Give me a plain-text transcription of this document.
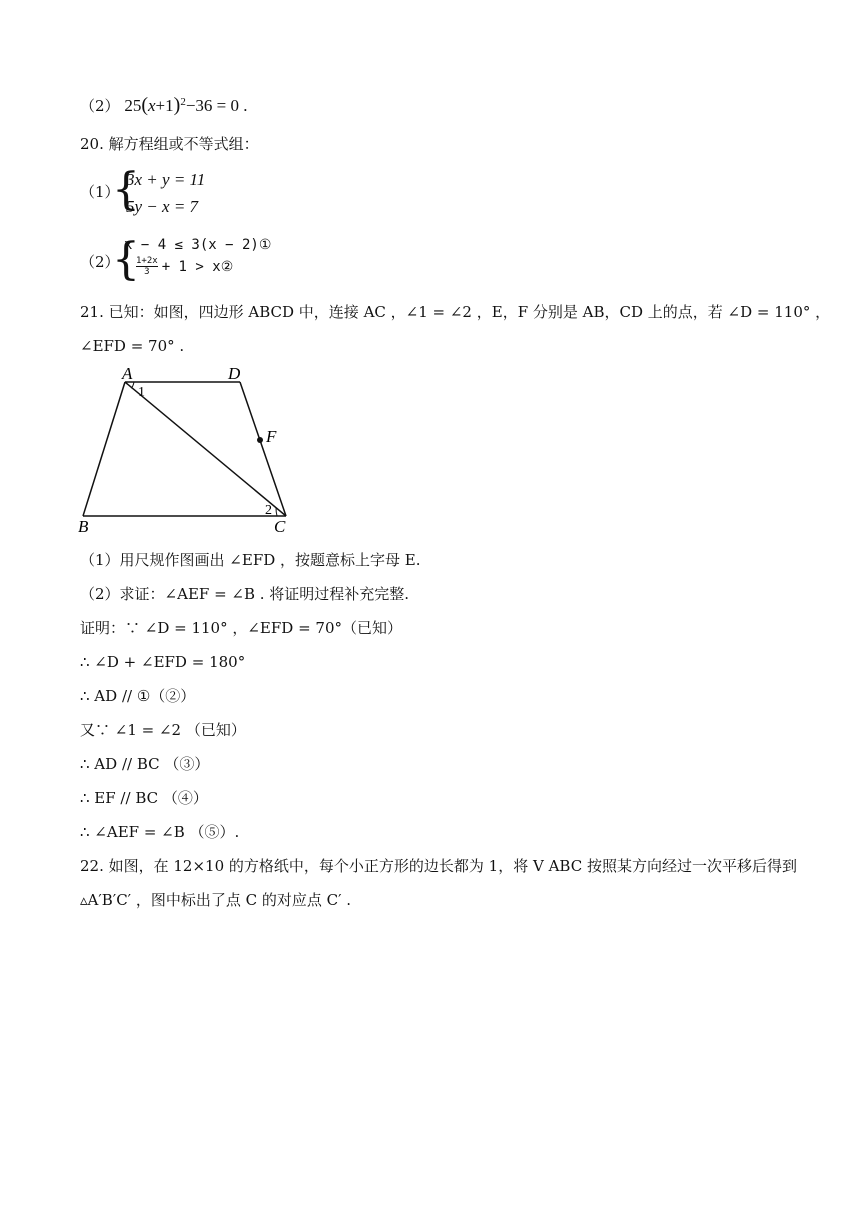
（2） $25(x+1)^2-36 = 0$ .
20. 解方程组或不等式组：
（1）
{
3x + y = 11
5y − x = 7
（2）
{
x − 4 ≤ 3(x − 2)①
$\frac{1+2x}{3} + 1$ > x②
21. 已知：如图，四边形 ABCD 中，连接 AC ，∠1 = ∠2 ，E，F 分别是 AB，CD 上的点，若 ∠D = 110° ，
∠EFD = 70° .
A	D
F
B	C
1
2
（1）用尺规作图画出 ∠EFD ，按题意标上字母 E.
（2）求证：∠AEF = ∠B . 将证明过程补充完整.
证明：∵ ∠D = 110° ，∠EFD = 70°（已知）
∴ ∠D + ∠EFD = 180°
∴ AD // ①（②）
又∵ ∠1 = ∠2 （已知）
∴ AD // BC （③）
∴ EF // BC （④）
∴ ∠AEF = ∠B （⑤）.
22. 如图，在 12×10 的方格纸中，每个小正方形的边长都为 1，将 V ABC 按照某方向经过一次平移后得到
▵A′B′C′ ，图中标出了点 C 的对应点 C′ .
